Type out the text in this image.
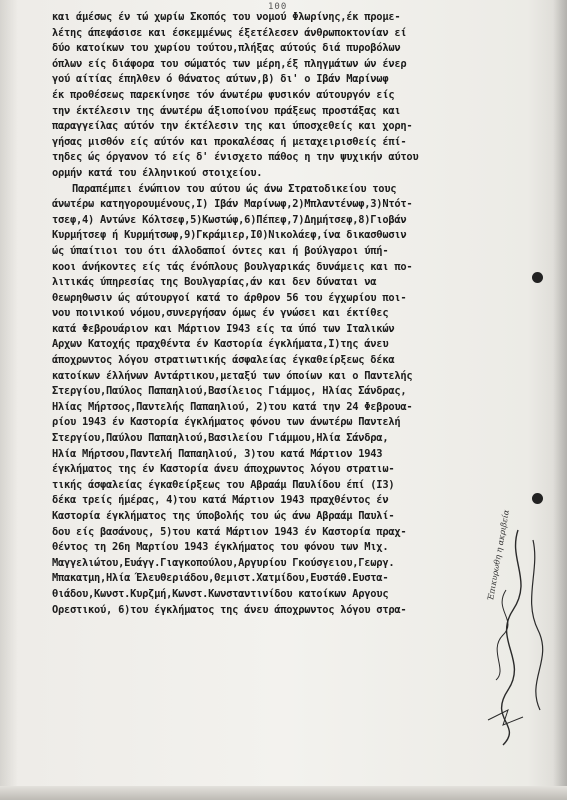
100
και άμέσως έν τώ χωρίω Σκοπός του νομού Φλωρίνης,έκ προμε-
λέτης άπεφάσισε και έσκεμμένως έξετέλεσεν άνθρωποκτονίαν εί
δύο κατοίκων του χωρίου τούτου,πλήξας αύτούς διά πυροβόλων
όπλων είς διάφορα του σώματός των μέρη,έξ πληγμάτων ών ένερ
γού αίτίας έπηλθεν ό θάνατος αύτων,β) δι' ο Ιβάν Μαρίνωφ
έκ προθέσεως παρεκίνησε τόν άνωτέρω φυσικόν αύτουργόν είς
την έκτέλεσιν της άνωτέρω άξιοποίνου πράξεως προστάξας και
παραγγείλας αύτόν την έκτέλεσιν της και ύποσχεθείς και χορη-
γήσας μισθόν είς αύτόν και προκαλέσας ή μεταχειρισθείς έπί-
τηδες ώς όργανον τό είς δ' ένισχετο πάθος η την ψυχικήν αύτου
ορμήν κατά του έλληνικού στοιχείου.
Παραπέμπει ένώπιον του αύτου ώς άνω Στρατοδικείου τους
άνωτέρω κατηγορουμένους,Ι) Ιβάν Μαρίνωφ,2)Μπλαντένωφ,3)Ντότ-
τσεφ,4) Αντώνε Κόλτσεφ,5)Κωστώφ,6)Πέπεφ,7)Δημήτσεφ,8)Γιοβάν
Κυρμήτσεφ ή Κυρμήτσωφ,9)Γκράμιερ,Ι0)Νικολάεφ,ίνα δικασθωσιν
ώς ύπαίτιοι του ότι άλλοδαποί όντες και ή βούλγαροι ύπή-
κοοι άνήκοντες είς τάς ένόπλους βουλγαρικάς δυνάμεις και πο-
λιτικάς ύπηρεσίας της Βουλγαρίας,άν και δεν δύναται να
θεωρηθωσιν ώς αύτουργοί κατά το άρθρον 56 του έγχωρίου ποι-
νου ποινικού νόμου,συνεργήσαν όμως έν γνώσει και έκτίθες
κατά Φεβρουάριον και Μάρτιον Ι943 είς τα ύπό των Ιταλικών
Αρχων Κατοχής πραχθέντα έν Καστορία έγκλήματα,Ι)της άνευ
άποχρωντος λόγου στρατιωτικής άσφαλείας έγκαθείρξεως δέκα
κατοίκων έλλήνων Αντάρτικου,μεταξύ των όποίων και ο Παντελής
Στεργίου,Παύλος Παπαηλιού,Βασίλειος Γιάμμος, Ηλίας Σάνδρας,
Ηλίας Μήρτσος,Παντελής Παπαηλιού, 2)του κατά την 24 Φεβρουα-
ρίου 1943 έν Καστορία έγκλήματος φόνου των άνωτέρω Παντελή
Στεργίου,Παύλου Παπαηλιού,Βασιλείου Γιάμμου,Ηλία Σάνδρα,
Ηλία Μήρτσου,Παντελή Παπαηλιού, 3)του κατά Μάρτιον 1943
έγκλήματος της έν Καστορία άνευ άποχρωντος λόγου στρατιω-
τικής άσφαλείας έγκαθείρξεως του Αβραάμ Παυλίδου έπί (Ι3)
δέκα τρείς ήμέρας, 4)του κατά Μάρτιον 1943 πραχθέντος έν
Καστορία έγκλήματος της ύποβολής του ώς άνω Αβραάμ Παυλί-
δου είς βασάνους, 5)του κατά Μάρτιον 1943 έν Καστορία πραχ-
θέντος τη 26η Μαρτίου 1943 έγκλήματος του φόνου των Μιχ.
Μαγγελιώτου,Ευάγγ.Γιαγκοπούλου,Αργυρίου Γκούσγειου,Γεωργ.
Μπακατμη,Ηλία Έλευθεριάδου,Θεμιστ.Χατμίδου,Ευστάθ.Ευστα-
θιάδου,Κωνστ.Κυρζμή,Κωνστ.Κωνσταντινίδου κατοίκων Αργους
Ορεστικού, 6)του έγκλήματος της άνευ άποχρωντος λόγου στρα-
Έπικυρωθη η ακριβεία
